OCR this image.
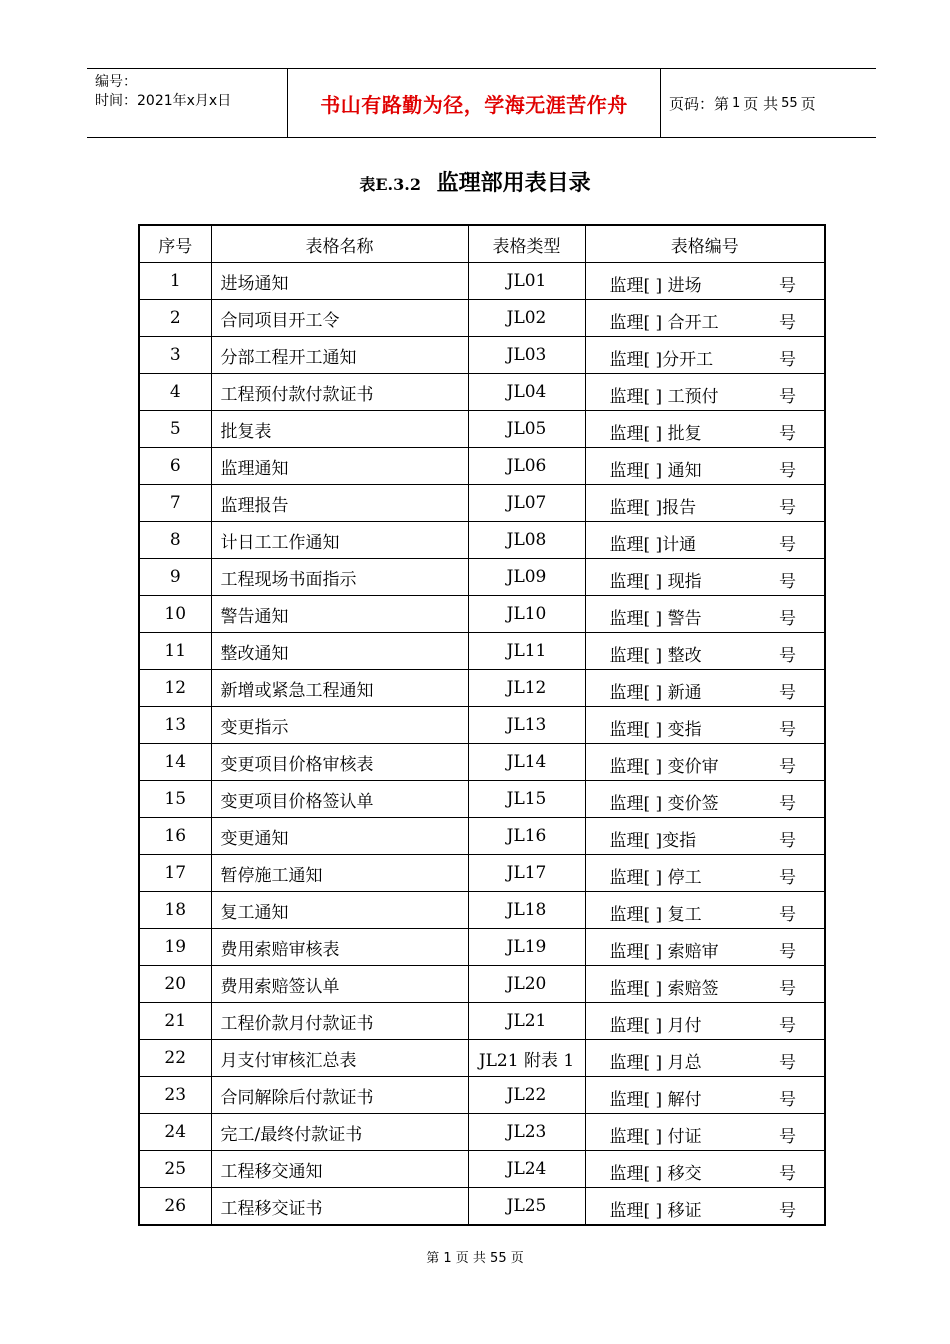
编号：
时间：2021年x月x日	书山有路勤为径，学海无涯苦作舟	页码：第 1 页 共 55 页
表E.3.2 监理部用表目录
序号	表格名称	表格类型	表格编号
1	进场通知	JL01	监理[ ] 进场 号

2	合同项目开工令	JL02	监理[ ] 合开工 号

3	分部工程开工通知	JL03	监理[ ]分开工 号

4	工程预付款付款证书	JL04	监理[ ] 工预付 号

5	批复表	JL05	监理[ ] 批复 号

6	监理通知	JL06	监理[ ] 通知 号

7	监理报告	JL07	监理[ ]报告 号

8	计日工工作通知	JL08	监理[ ]计通 号

9	工程现场书面指示	JL09	监理[ ] 现指 号

10	警告通知	JL10	监理[ ] 警告 号

11	整改通知	JL11	监理[ ] 整改 号

12	新增或紧急工程通知	JL12	监理[ ] 新通 号

13	变更指示	JL13	监理[ ] 变指 号

14	变更项目价格审核表	JL14	监理[ ] 变价审 号

15	变更项目价格签认单	JL15	监理[ ] 变价签 号

16	变更通知	JL16	监理[ ]变指 号

17	暂停施工通知	JL17	监理[ ] 停工 号

18	复工通知	JL18	监理[ ] 复工 号

19	费用索赔审核表	JL19	监理[ ] 索赔审 号

20	费用索赔签认单	JL20	监理[ ] 索赔签 号

21	工程价款月付款证书	JL21	监理[ ] 月付 号

22	月支付审核汇总表	JL21 附表 1	监理[ ] 月总 号

23	合同解除后付款证书	JL22	监理[ ] 解付 号

24	完工/最终付款证书	JL23	监理[ ] 付证 号

25	工程移交通知	JL24	监理[ ] 移交 号

26	工程移交证书	JL25	监理[ ] 移证 号
第 1 页 共 55 页
